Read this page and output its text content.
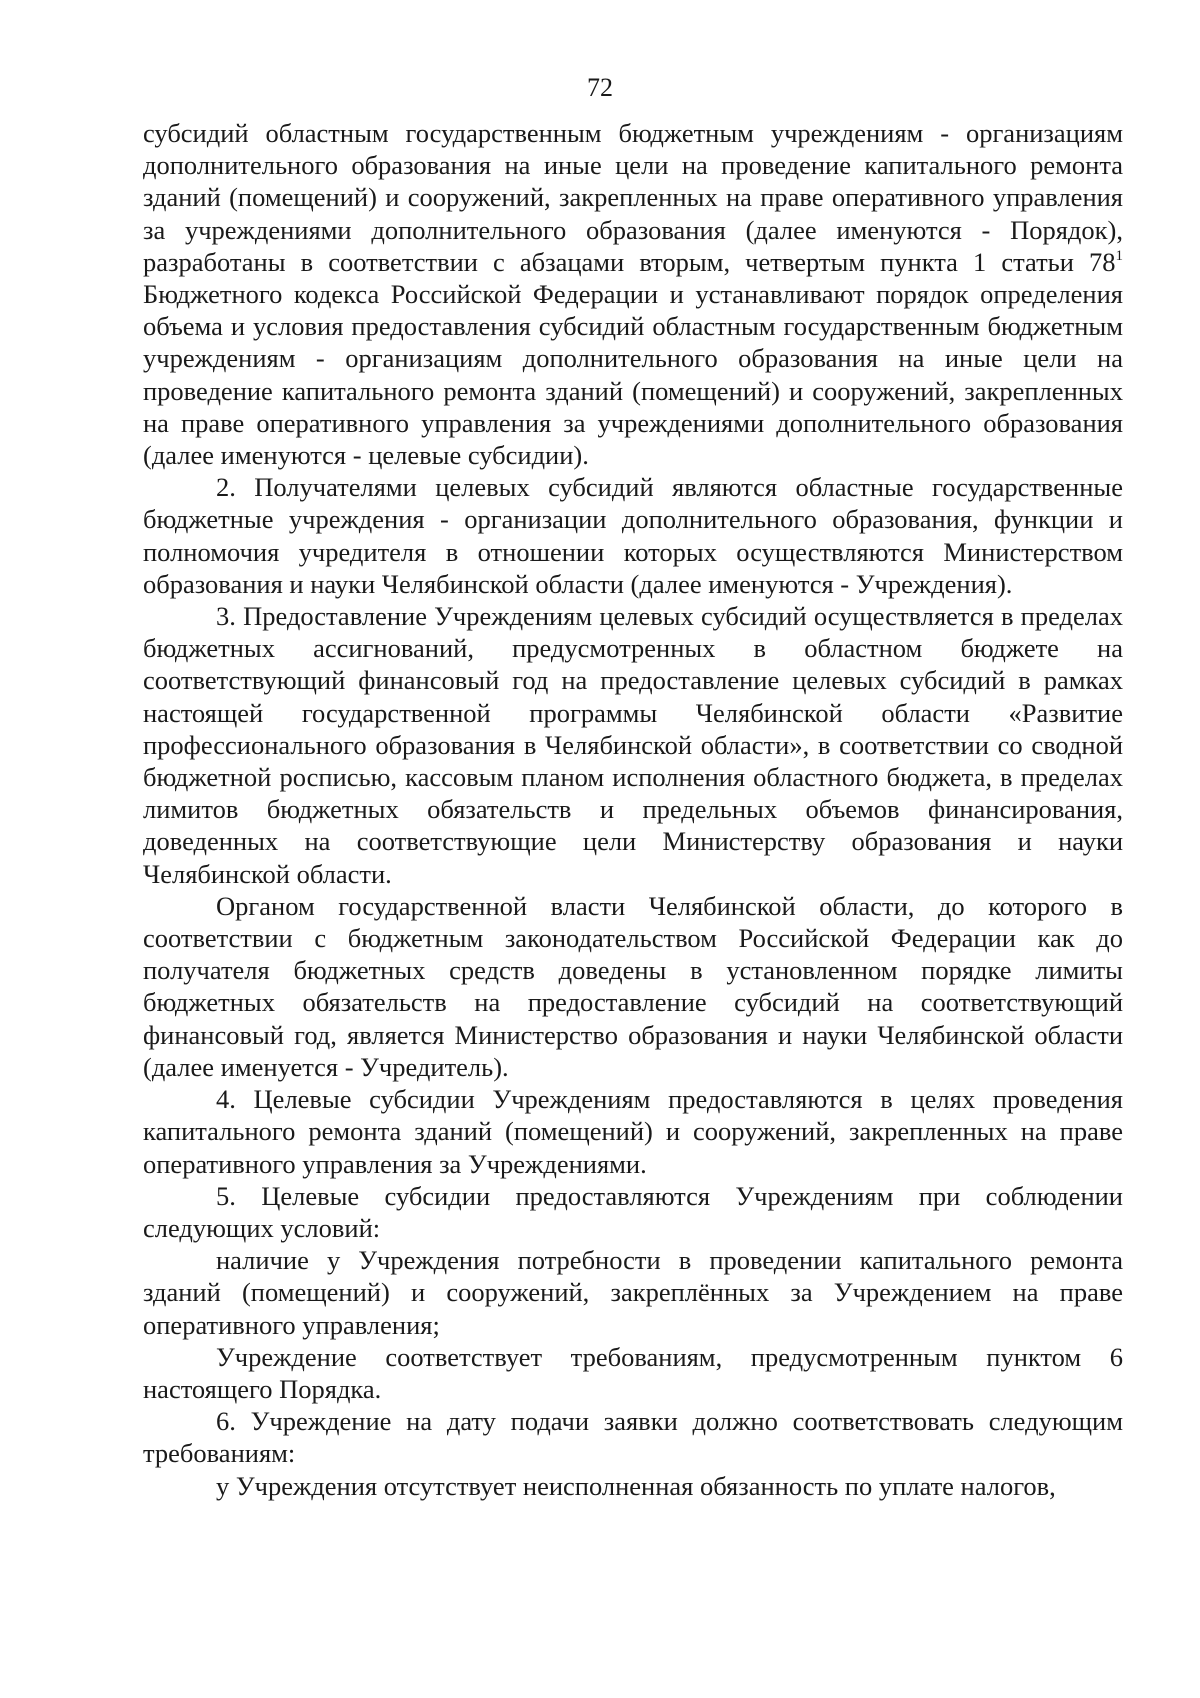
72

субсидий областным государственным бюджетным учреждениям - организациям дополнительного образования на иные цели на проведение капитального ремонта зданий (помещений) и сооружений, закрепленных на праве оперативного управления за учреждениями дополнительного образования (далее именуются - Порядок), разработаны в соответствии с абзацами вторым, четвертым пункта 1 статьи $78^1$ Бюджетного кодекса Российской Федерации и устанавливают порядок определения объема и условия предоставления субсидий областным государственным бюджетным учреждениям - организациям дополнительного образования на иные цели на проведение капитального ремонта зданий (помещений) и сооружений, закрепленных на праве оперативного управления за учреждениями дополнительного образования (далее именуются - целевые субсидии).

2. Получателями целевых субсидий являются областные государственные бюджетные учреждения - организации дополнительного образования, функции и полномочия учредителя в отношении которых осуществляются Министерством образования и науки Челябинской области (далее именуются - Учреждения).

3. Предоставление Учреждениям целевых субсидий осуществляется в пределах бюджетных ассигнований, предусмотренных в областном бюджете на соответствующий финансовый год на предоставление целевых субсидий в рамках настоящей государственной программы Челябинской области «Развитие профессионального образования в Челябинской области», в соответствии со сводной бюджетной росписью, кассовым планом исполнения областного бюджета, в пределах лимитов бюджетных обязательств и предельных объемов финансирования, доведенных на соответствующие цели Министерству образования и науки Челябинской области.

Органом государственной власти Челябинской области, до которого в соответствии с бюджетным законодательством Российской Федерации как до получателя бюджетных средств доведены в установленном порядке лимиты бюджетных обязательств на предоставление субсидий на соответствующий финансовый год, является Министерство образования и науки Челябинской области (далее именуется - Учредитель).

4. Целевые субсидии Учреждениям предоставляются в целях проведения капитального ремонта зданий (помещений) и сооружений, закрепленных на праве оперативного управления за Учреждениями.

5. Целевые субсидии предоставляются Учреждениям при соблюдении следующих условий:

наличие у Учреждения потребности в проведении капитального ремонта зданий (помещений) и сооружений, закреплённых за Учреждением на праве оперативного управления;

Учреждение соответствует требованиям, предусмотренным пунктом 6 настоящего Порядка.

6. Учреждение на дату подачи заявки должно соответствовать следующим требованиям:

у Учреждения отсутствует неисполненная обязанность по уплате налогов,
